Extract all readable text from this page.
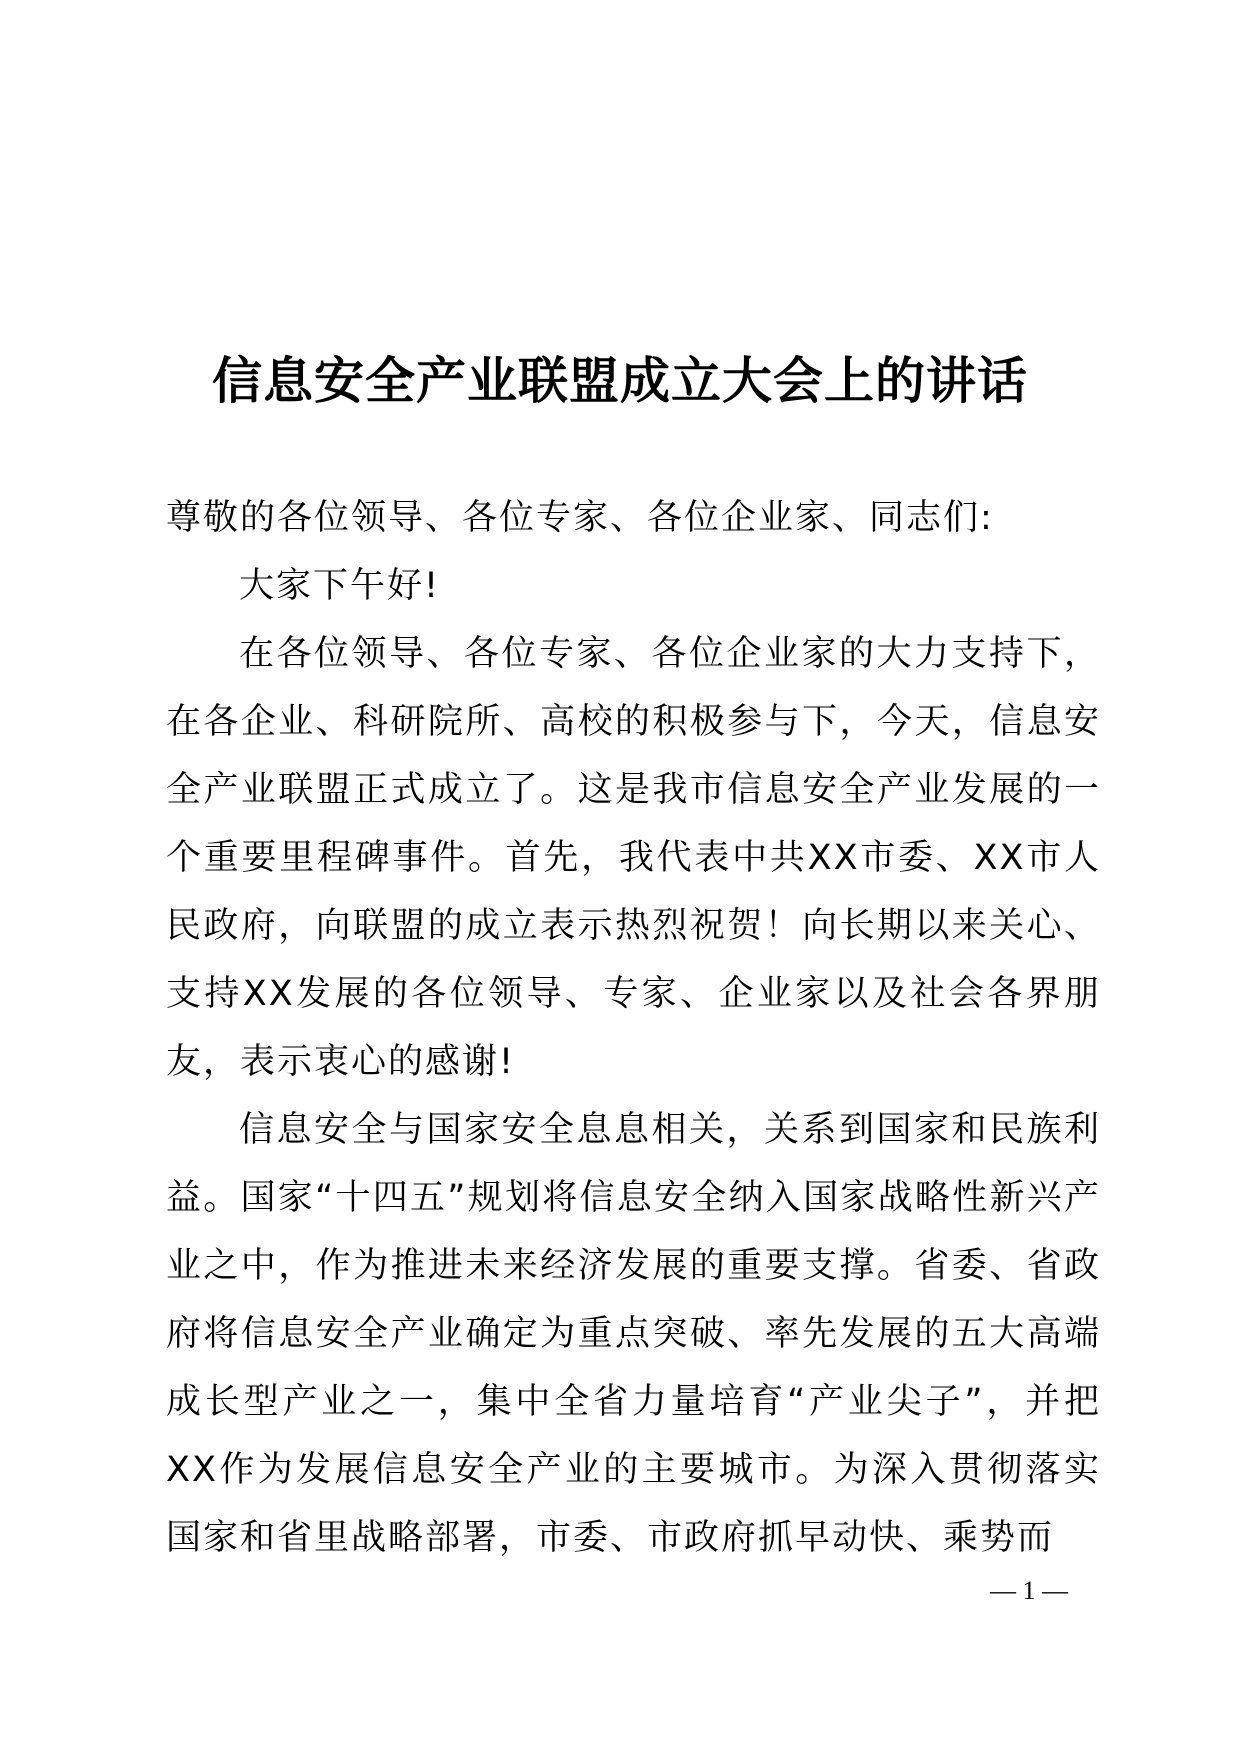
信息安全产业联盟成立大会上的讲话

尊敬的各位领导、各位专家、各位企业家、同志们:

大家下午好!

在各位领导、各位专家、各位企业家的大力支持下，在各企业、科研院所、高校的积极参与下，今天，信息安全产业联盟正式成立了。这是我市信息安全产业发展的一个重要里程碑事件。首先，我代表中共XX市委、XX市人民政府，向联盟的成立表示热烈祝贺！向长期以来关心、支持XX发展的各位领导、专家、企业家以及社会各界朋友，表示衷心的感谢!

信息安全与国家安全息息相关，关系到国家和民族利益。国家“十四五”规划将信息安全纳入国家战略性新兴产业之中，作为推进未来经济发展的重要支撑。省委、省政府将信息安全产业确定为重点突破、率先发展的五大高端成长型产业之一，集中全省力量培育“产业尖子”，并把XX作为发展信息安全产业的主要城市。为深入贯彻落实国家和省里战略部署，市委、市政府抓早动快、乘势而

— 1 —
